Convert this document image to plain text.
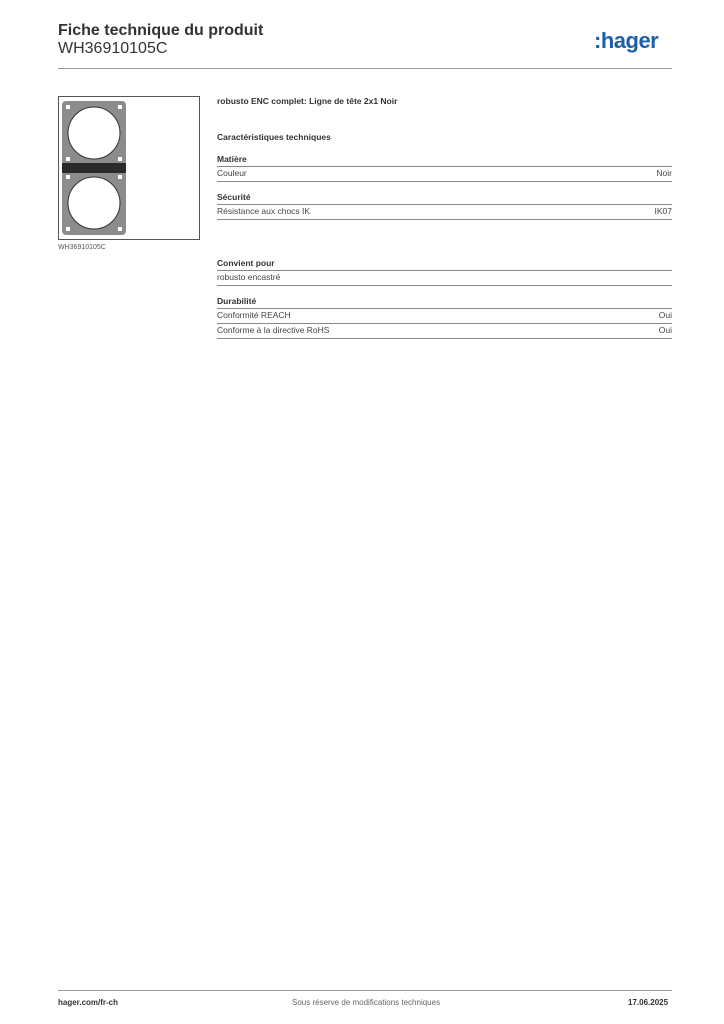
Fiche technique du produit
WH36910105C	:hager
WH36910105C
robusto ENC complet: Ligne de tête 2x1 Noir
Caractéristiques techniques
Matière
Couleur	Noir
Sécurité
Résistance aux chocs IK	IK07
Convient pour
robusto encastré
Durabilité
Conformité REACH	Oui
Conforme à la directive RoHS	Oui
hager.com/fr-ch	Sous réserve de modifications techniques	17.06.2025
